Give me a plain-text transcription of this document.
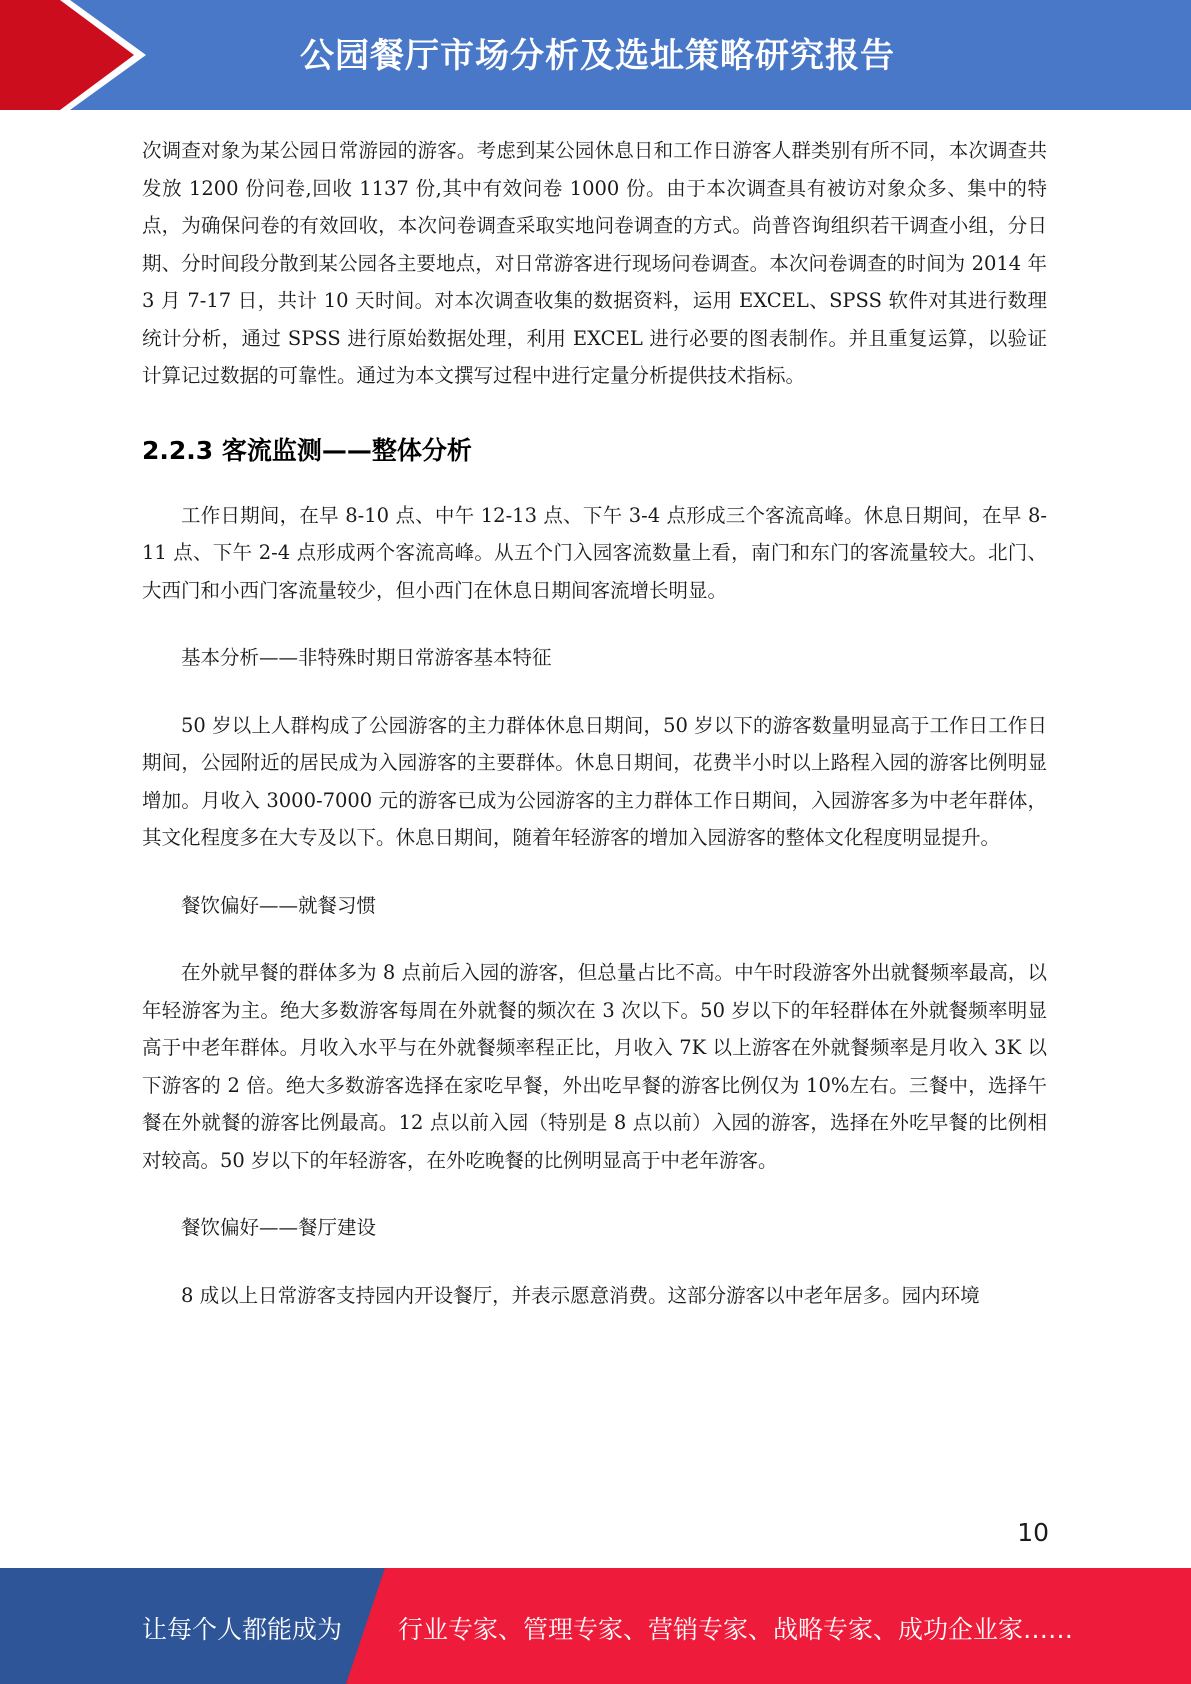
公园餐厅市场分析及选址策略研究报告

次调查对象为某公园日常游园的游客。考虑到某公园休息日和工作日游客人群类别有所不同，本次调查共发放 1200 份问卷,回收 1137 份,其中有效问卷 1000 份。由于本次调查具有被访对象众多、集中的特点，为确保问卷的有效回收，本次问卷调查采取实地问卷调查的方式。尚普咨询组织若干调查小组，分日期、分时间段分散到某公园各主要地点，对日常游客进行现场问卷调查。本次问卷调查的时间为 2014 年 3 月 7-17 日，共计 10 天时间。对本次调查收集的数据资料，运用 EXCEL、SPSS 软件对其进行数理统计分析，通过 SPSS 进行原始数据处理，利用 EXCEL 进行必要的图表制作。并且重复运算，以验证计算记过数据的可靠性。通过为本文撰写过程中进行定量分析提供技术指标。

2.2.3 客流监测——整体分析

工作日期间，在早 8-10 点、中午 12-13 点、下午 3-4 点形成三个客流高峰。休息日期间，在早 8-11 点、下午 2-4 点形成两个客流高峰。从五个门入园客流数量上看，南门和东门的客流量较大。北门、大西门和小西门客流量较少，但小西门在休息日期间客流增长明显。

基本分析——非特殊时期日常游客基本特征

50 岁以上人群构成了公园游客的主力群体休息日期间，50 岁以下的游客数量明显高于工作日工作日期间，公园附近的居民成为入园游客的主要群体。休息日期间，花费半小时以上路程入园的游客比例明显增加。月收入 3000-7000 元的游客已成为公园游客的主力群体工作日期间，入园游客多为中老年群体，其文化程度多在大专及以下。休息日期间，随着年轻游客的增加入园游客的整体文化程度明显提升。

餐饮偏好——就餐习惯

在外就早餐的群体多为 8 点前后入园的游客，但总量占比不高。中午时段游客外出就餐频率最高，以年轻游客为主。绝大多数游客每周在外就餐的频次在 3 次以下。50 岁以下的年轻群体在外就餐频率明显高于中老年群体。月收入水平与在外就餐频率程正比，月收入 7K 以上游客在外就餐频率是月收入 3K 以下游客的 2 倍。绝大多数游客选择在家吃早餐，外出吃早餐的游客比例仅为 10%左右。三餐中，选择午餐在外就餐的游客比例最高。12 点以前入园（特别是 8 点以前）入园的游客，选择在外吃早餐的比例相对较高。50 岁以下的年轻游客，在外吃晚餐的比例明显高于中老年游客。

餐饮偏好——餐厅建设

8 成以上日常游客支持园内开设餐厅，并表示愿意消费。这部分游客以中老年居多。园内环境

10
让每个人都能成为 行业专家、管理专家、营销专家、战略专家、成功企业家……
